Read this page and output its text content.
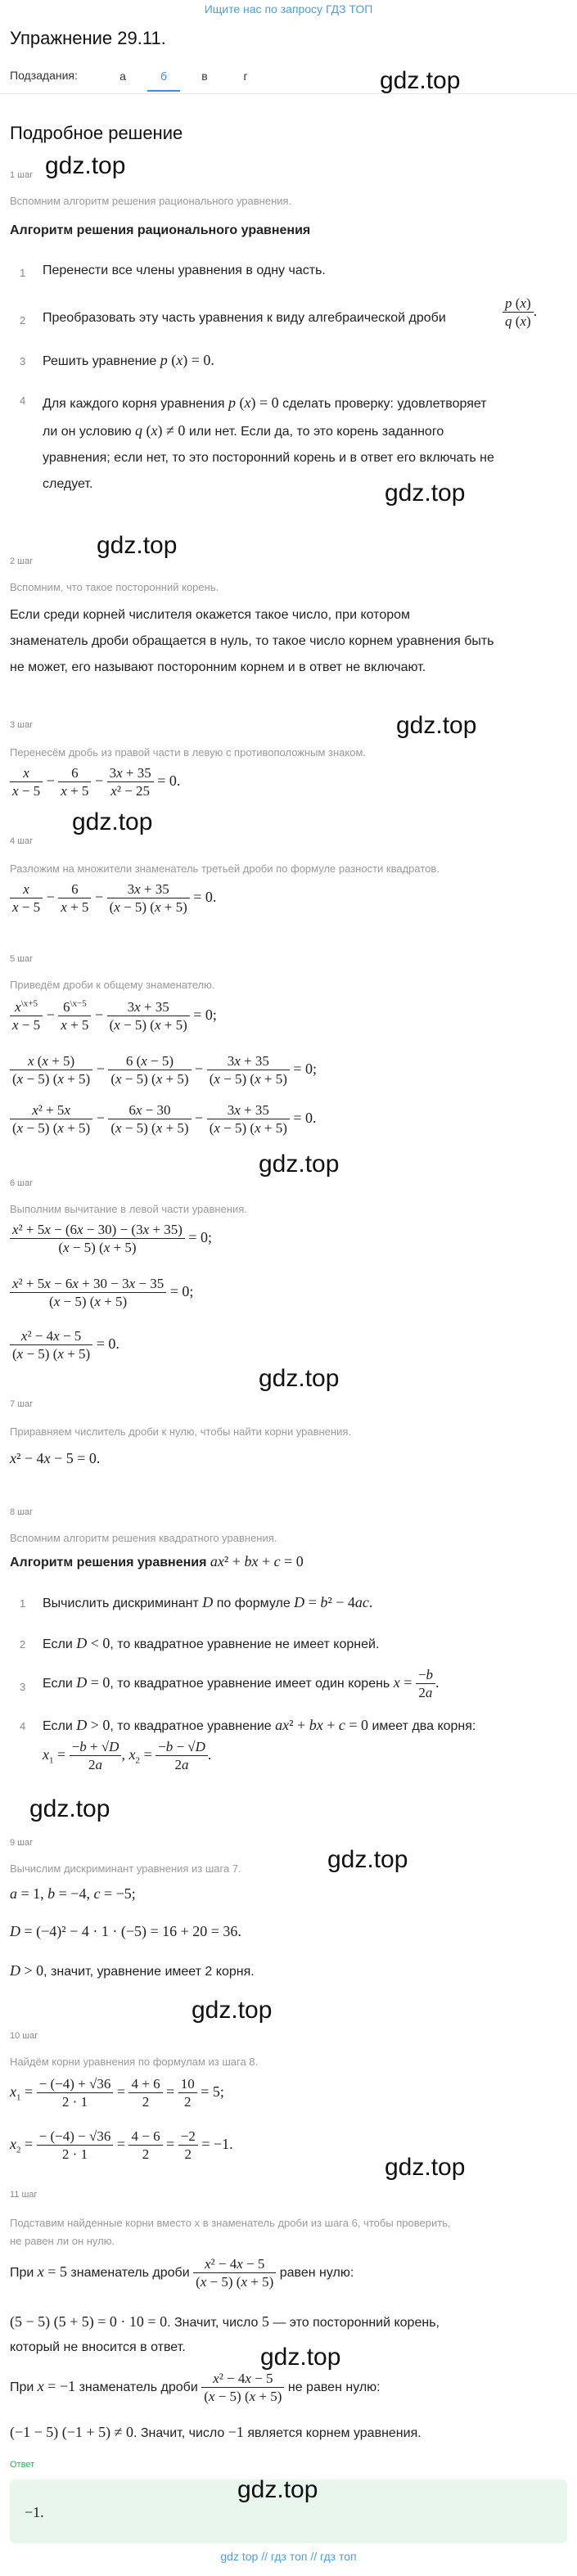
Ищите нас по запросу ГДЗ ТОП
Упражнение 29.11.
Подзадания:	а	б	в	г	gdz.top
Подробное решение
1 шаг gdz.top
Вспомним алгоритм решения рационального уравнения.
Алгоритм решения рационального уравнения
1 Перенести все члены уравнения в одну часть.
2 Преобразовать эту часть уравнения к виду алгебраической дроби	$\frac{p (x)}{q (x)}$ .
3 Решить уравнение p (x) = 0.
4 Для каждого корня уравнения p (x) = 0 сделать проверку: удовлетворяет
ли он условию q (x) ≠ 0 или нет. Если да, то это корень заданного
уравнения; если нет, то это посторонний корень и в ответ его включать не
следует.	gdz.top
gdz.top
2 шаг
Вспомним, что такое посторонний корень.
Если среди корней числителя окажется такое число, при котором
знаменатель дроби обращается в нуль, то такое число корнем уравнения быть
не может, его называют посторонним корнем и в ответ не включают.
3 шаг	gdz.top
Перенесём дробь из правой части в левую с противоположным знаком.
$\frac{x}{x - 5} - \frac{6}{x + 5} - \frac{3x + 35}{\text{x² − 25}} = 0$.
gdz.top
4 шаг
Разложим на множители знаменатель третьей дроби по формуле разности квадратов.
$\frac{x}{x - 5} - \frac{6}{x + 5} - \frac{3x + 35}{(x - 5) (x + 5)} = 0$.
5 шаг
Приведём дроби к общему знаменателю.
$\frac{x^{\backslash x+5}}{x - 5} - \frac{6^{\backslash x-5}}{x + 5} - \frac{3x + 35}{(x - 5) (x + 5)} = 0$;
$\frac{x (x + 5)}{(x - 5) (x + 5)} - \frac{6 (x - 5)}{(x - 5) (x + 5)} - \frac{3x + 35}{(x - 5) (x + 5)} = 0$;
$\frac{\text{x² + 5x}}{(x - 5) (x + 5)} - \frac{6x - 30}{(x - 5) (x + 5)} - \frac{3x + 35}{(x - 5) (x + 5)} = 0$.
gdz.top
6 шаг
Выполним вычитание в левой части уравнения.
$\frac{\text{x² + 5x − (6x − 30) − (3x + 35)}}{(x - 5) (x + 5)} = 0$;
$\frac{\text{x² + 5x − 6x + 30 − 3x − 35}}{(x - 5) (x + 5)} = 0$;
$\frac{\text{x² − 4x − 5}}{(x - 5) (x + 5)} = 0$.
gdz.top
7 шаг
Приравняем числитель дроби к нулю, чтобы найти корни уравнения.
x² − 4x − 5 = 0.
8 шаг
Вспомним алгоритм решения квадратного уравнения.
Алгоритм решения уравнения ax² + bx + c = 0
1 Вычислить дискриминант D по формуле D = b² − 4ac.
2 Если D < 0, то квадратное уравнение не имеет корней.
3 Если D = 0, то квадратное уравнение имеет один корень $x = \frac{-b}{2a}$ .
4 Если D > 0, то квадратное уравнение ax² + bx + c = 0 имеет два корня:
$x_1 = \frac{-b + √D}{2a}$ , $x_2 = \frac{-b - √D}{2a}$ .
gdz.top
9 шаг
gdz.top
Вычислим дискриминант уравнения из шага 7.
a = 1, b = −4, c = −5;
D = (−4)² − 4 · 1 · (−5) = 16 + 20 = 36.
D > 0, значит, уравнение имеет 2 корня.
gdz.top
10 шаг
Найдём корни уравнения по формулам из шага 8.
$x_1 = \frac{- (-4) + √36}{2 \cdot 1} = \frac{4 + 6}{2} = \frac{10}{2} = 5$;
$x_2 = \frac{- (-4) - √36}{2 \cdot 1} = \frac{4 - 6}{2} = \frac{-2}{2} = -1$.
gdz.top
11 шаг
Подставим найденные корни вместо x в знаменатель дроби из шага 6, чтобы проверить,
не равен ли он нулю.
При x = 5 знаменатель дроби $\frac{\text{x² − 4x − 5}}{(x - 5) (x + 5)}$ равен нулю:
(5 − 5) (5 + 5) = 0 · 10 = 0. Значит, число 5 — это посторонний корень,
который не вносится в ответ.	gdz.top
При x = −1 знаменатель дроби $\frac{\text{x² − 4x − 5}}{(x - 5) (x + 5)}$ не равен нулю:
(−1 − 5) (−1 + 5) ≠ 0. Значит, число −1 является корнем уравнения.
Ответ
gdz.top
−1.
gdz top // гдз топ // гдз топ
